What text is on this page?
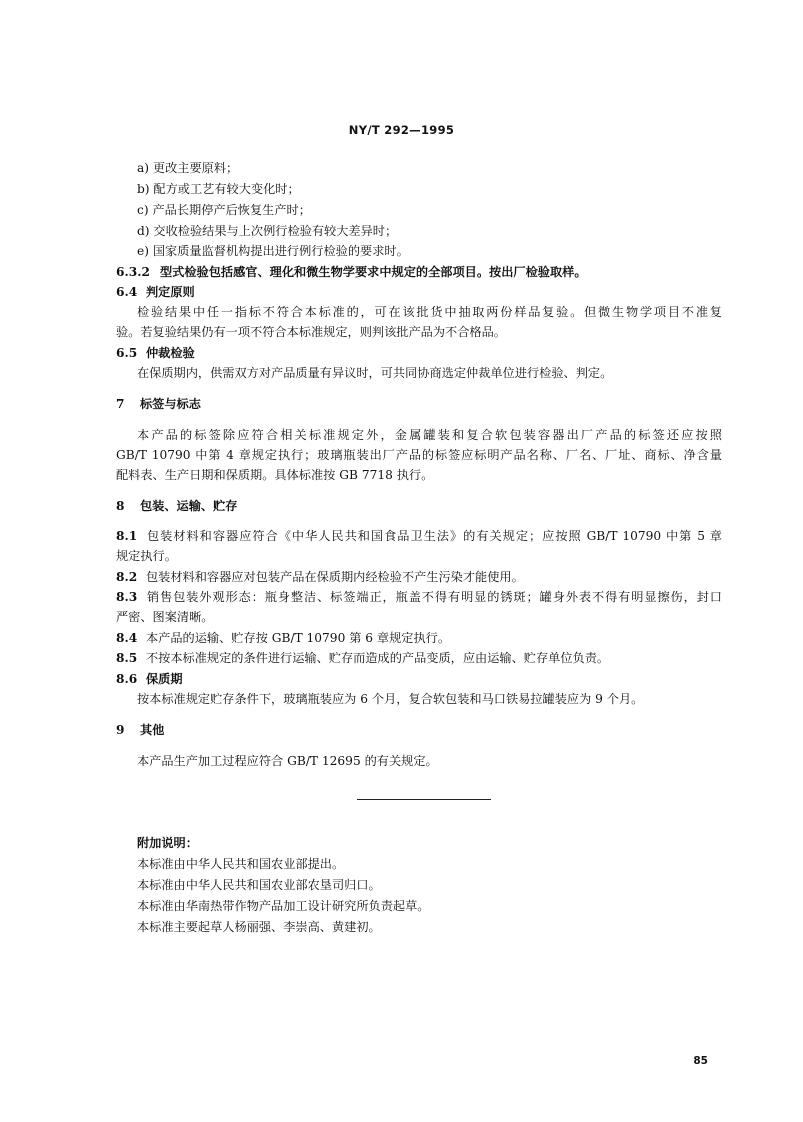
NY/T 292—1995
a) 更改主要原料；
b) 配方或工艺有较大变化时；
c) 产品长期停产后恢复生产时；
d) 交收检验结果与上次例行检验有较大差异时；
e) 国家质量监督机构提出进行例行检验的要求时。
6.3.2 型式检验包括感官、理化和微生物学要求中规定的全部项目。按出厂检验取样。
6.4 判定原则
检验结果中任一指标不符合本标准的，可在该批货中抽取两份样品复验。但微生物学项目不准复
验。若复验结果仍有一项不符合本标准规定，则判该批产品为不合格品。
6.5 仲裁检验
在保质期内，供需双方对产品质量有异议时，可共同协商选定仲裁单位进行检验、判定。
7 标签与标志
本产品的标签除应符合相关标准规定外，金属罐装和复合软包装容器出厂产品的标签还应按照
GB/T 10790 中第 4 章规定执行；玻璃瓶装出厂产品的标签应标明产品名称、厂名、厂址、商标、净含量
配料表、生产日期和保质期。具体标准按 GB 7718 执行。
8 包装、运输、贮存
8.1 包装材料和容器应符合《中华人民共和国食品卫生法》的有关规定；应按照 GB/T 10790 中第 5 章
规定执行。
8.2 包装材料和容器应对包装产品在保质期内经检验不产生污染才能使用。
8.3 销售包装外观形态：瓶身整洁、标签端正，瓶盖不得有明显的锈斑；罐身外表不得有明显擦伤，封口
严密、图案清晰。
8.4 本产品的运输、贮存按 GB/T 10790 第 6 章规定执行。
8.5 不按本标准规定的条件进行运输、贮存而造成的产品变质，应由运输、贮存单位负责。
8.6 保质期
按本标准规定贮存条件下，玻璃瓶装应为 6 个月，复合软包装和马口铁易拉罐装应为 9 个月。
9 其他
本产品生产加工过程应符合 GB/T 12695 的有关规定。
附加说明：
本标准由中华人民共和国农业部提出。
本标准由中华人民共和国农业部农垦司归口。
本标准由华南热带作物产品加工设计研究所负责起草。
本标准主要起草人杨丽强、李崇高、黄建初。
85
